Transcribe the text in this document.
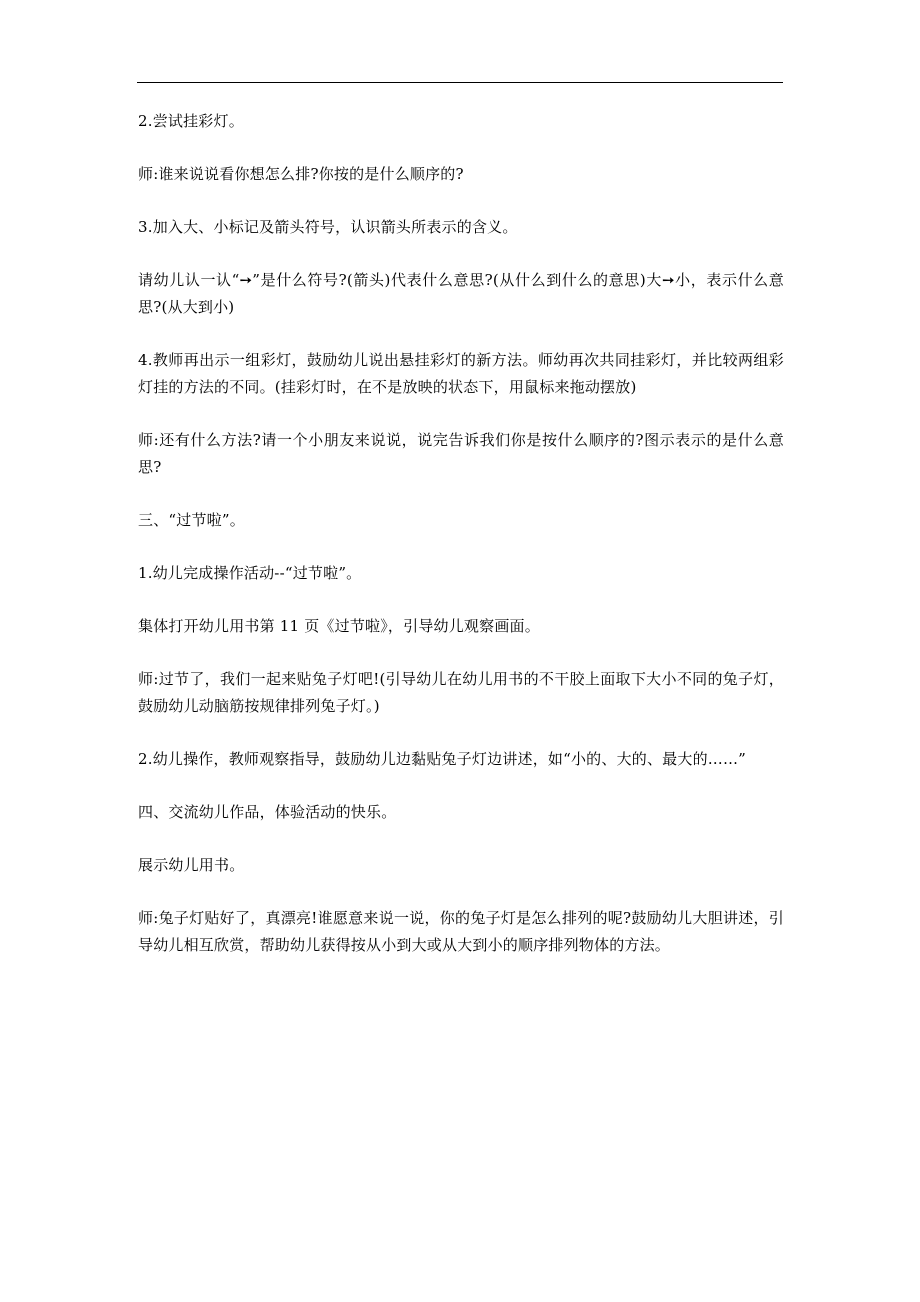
2.尝试挂彩灯。

师:谁来说说看你想怎么排?你按的是什么顺序的?

3.加入大、小标记及箭头符号，认识箭头所表示的含义。

请幼儿认一认“➙”是什么符号?(箭头)代表什么意思?(从什么到什么的意思)大➙小，表示什么意思?(从大到小)

4.教师再出示一组彩灯，鼓励幼儿说出悬挂彩灯的新方法。师幼再次共同挂彩灯，并比较两组彩灯挂的方法的不同。(挂彩灯时，在不是放映的状态下，用鼠标来拖动摆放)

师:还有什么方法?请一个小朋友来说说，说完告诉我们你是按什么顺序的?图示表示的是什么意思?

三、“过节啦”。

1.幼儿完成操作活动--“过节啦”。

集体打开幼儿用书第 11 页《过节啦》，引导幼儿观察画面。

师:过节了，我们一起来贴兔子灯吧!(引导幼儿在幼儿用书的不干胶上面取下大小不同的兔子灯，鼓励幼儿动脑筋按规律排列兔子灯。)

2.幼儿操作，教师观察指导，鼓励幼儿边黏贴兔子灯边讲述，如“小的、大的、最大的……”

四、交流幼儿作品，体验活动的快乐。

展示幼儿用书。

师:兔子灯贴好了，真漂亮!谁愿意来说一说，你的兔子灯是怎么排列的呢?鼓励幼儿大胆讲述，引导幼儿相互欣赏，帮助幼儿获得按从小到大或从大到小的顺序排列物体的方法。
